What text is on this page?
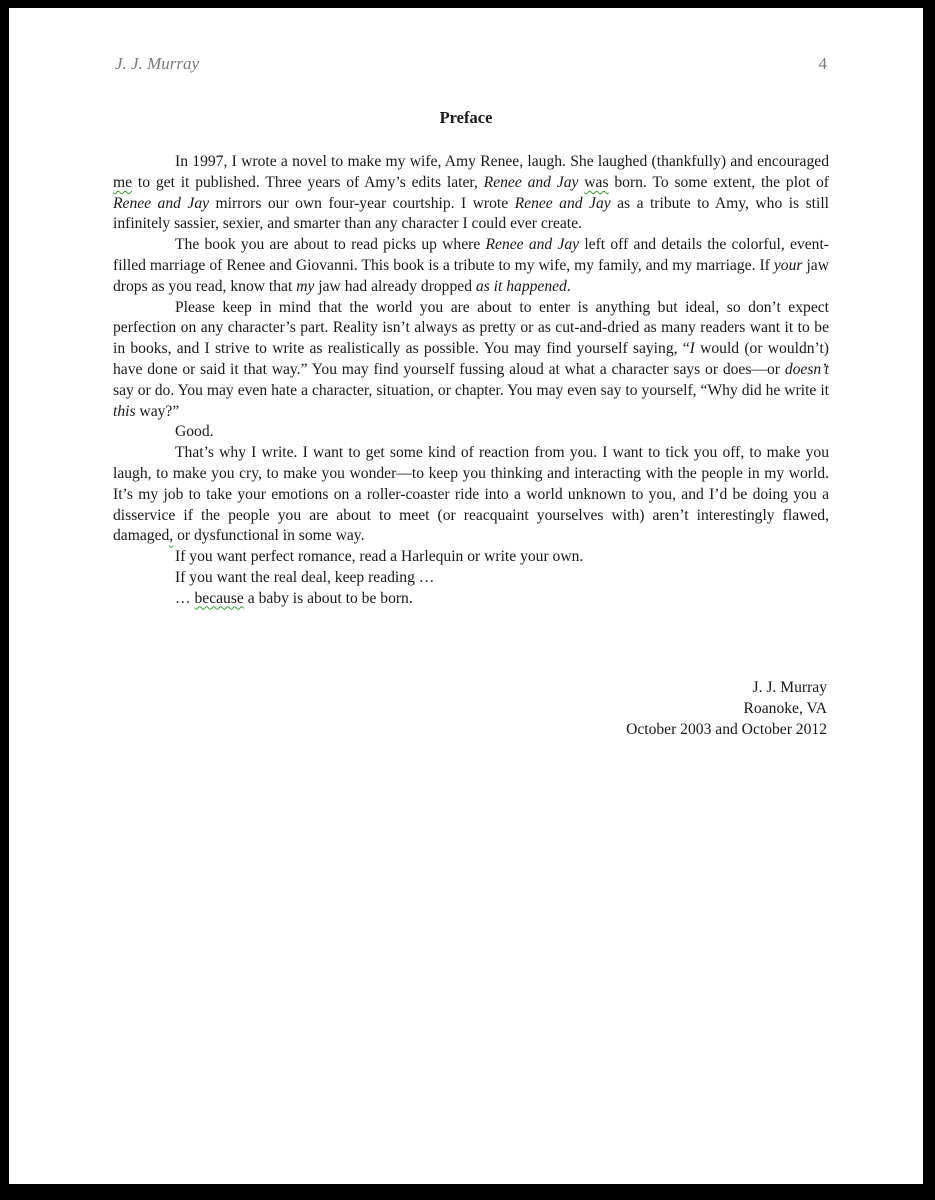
J. J. Murray	4
Preface

In 1997, I wrote a novel to make my wife, Amy Renee, laugh. She laughed (thankfully) and encouraged me to get it published. Three years of Amy’s edits later, Renee and Jay was born. To some extent, the plot of Renee and Jay mirrors our own four-year courtship. I wrote Renee and Jay as a tribute to Amy, who is still infinitely sassier, sexier, and smarter than any character I could ever create.

The book you are about to read picks up where Renee and Jay left off and details the colorful, event-filled marriage of Renee and Giovanni. This book is a tribute to my wife, my family, and my marriage. If your jaw drops as you read, know that my jaw had already dropped as it happened.

Please keep in mind that the world you are about to enter is anything but ideal, so don’t expect perfection on any character’s part. Reality isn’t always as pretty or as cut-and-dried as many readers want it to be in books, and I strive to write as realistically as possible. You may find yourself saying, “I would (or wouldn’t) have done or said it that way.” You may find yourself fussing aloud at what a character says or does—or doesn’t say or do. You may even hate a character, situation, or chapter. You may even say to yourself, “Why did he write it this way?”

Good.

That’s why I write. I want to get some kind of reaction from you. I want to tick you off, to make you laugh, to make you cry, to make you wonder—to keep you thinking and interacting with the people in my world. It’s my job to take your emotions on a roller-coaster ride into a world unknown to you, and I’d be doing you a disservice if the people you are about to meet (or reacquaint yourselves with) aren’t interestingly flawed, damaged, or dysfunctional in some way.

If you want perfect romance, read a Harlequin or write your own.

If you want the real deal, keep reading …

… because a baby is about to be born.

J. J. Murray
Roanoke, VA
October 2003 and October 2012
